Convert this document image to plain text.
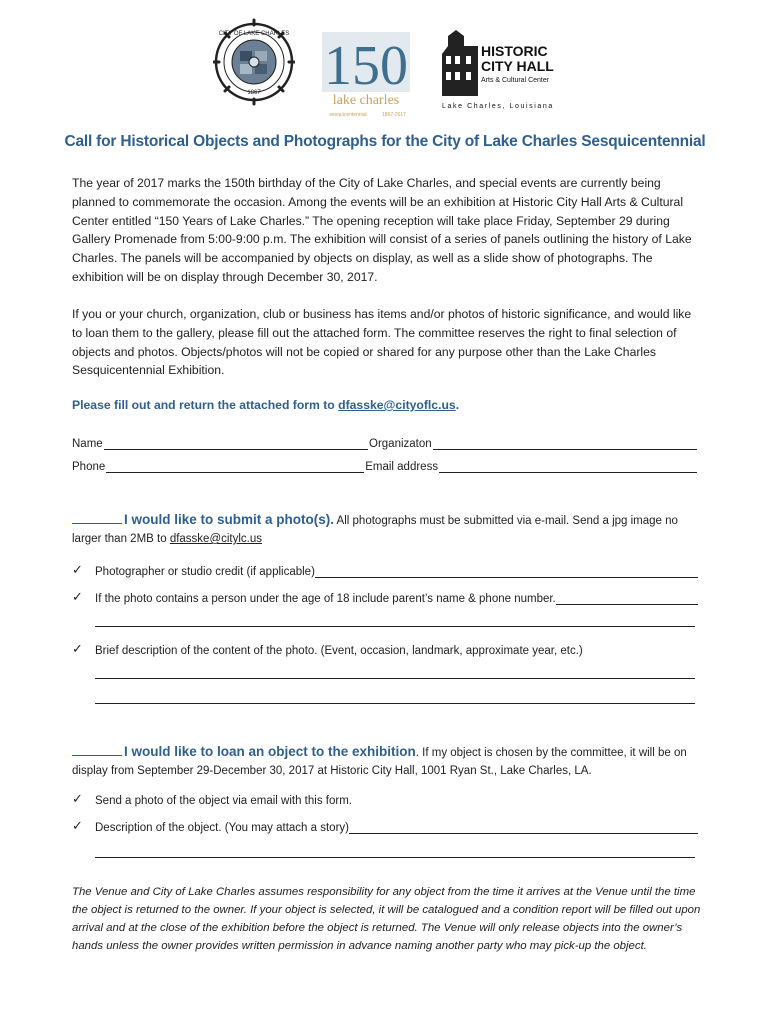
CITY OF LAKE CHARLES
1867 150
lake charles
sesquicentennial	1867-2017
HISTORIC
CITY HALL
Arts & Cultural Center
Lake Charles, Louisiana
Call for Historical Objects and Photographs for the City of Lake Charles Sesquicentennial

The year of 2017 marks the 150th birthday of the City of Lake Charles, and special events are currently being planned to commemorate the occasion. Among the events will be an exhibition at Historic City Hall Arts & Cultural Center entitled “150 Years of Lake Charles.” The opening reception will take place Friday, September 29 during Gallery Promenade from 5:00-9:00 p.m. The exhibition will consist of a series of panels outlining the history of Lake Charles. The panels will be accompanied by objects on display, as well as a slide show of photographs. The exhibition will be on display through December 30, 2017.

If you or your church, organization, club or business has items and/or photos of historic significance, and would like to loan them to the gallery, please fill out the attached form. The committee reserves the right to final selection of objects and photos. Objects/photos will not be copied or shared for any purpose other than the Lake Charles Sesquicentennial Exhibition.

Please fill out and return the attached form to dfasske@cityoflc.us.
Name	Organizaton
Phone	Email address
I would like to submit a photo(s). All photographs must be submitted via e-mail. Send a jpg image no larger than 2MB to dfasske@citylc.us
✓	Photographer or studio credit (if applicable)
✓	If the photo contains a person under the age of 18 include parent’s name & phone number.
✓	Brief description of the content of the photo. (Event, occasion, landmark, approximate year, etc.)
I would like to loan an object to the exhibition. If my object is chosen by the committee, it will be on display from September 29-December 30, 2017 at Historic City Hall, 1001 Ryan St., Lake Charles, LA.
✓	Send a photo of the object via email with this form.
✓	Description of the object. (You may attach a story)

The Venue and City of Lake Charles assumes responsibility for any object from the time it arrives at the Venue until the time the object is returned to the owner. If your object is selected, it will be catalogued and a condition report will be filled out upon arrival and at the close of the exhibition before the object is returned. The Venue will only release objects into the owner’s hands unless the owner provides written permission in advance naming another party who may pick-up the object.
